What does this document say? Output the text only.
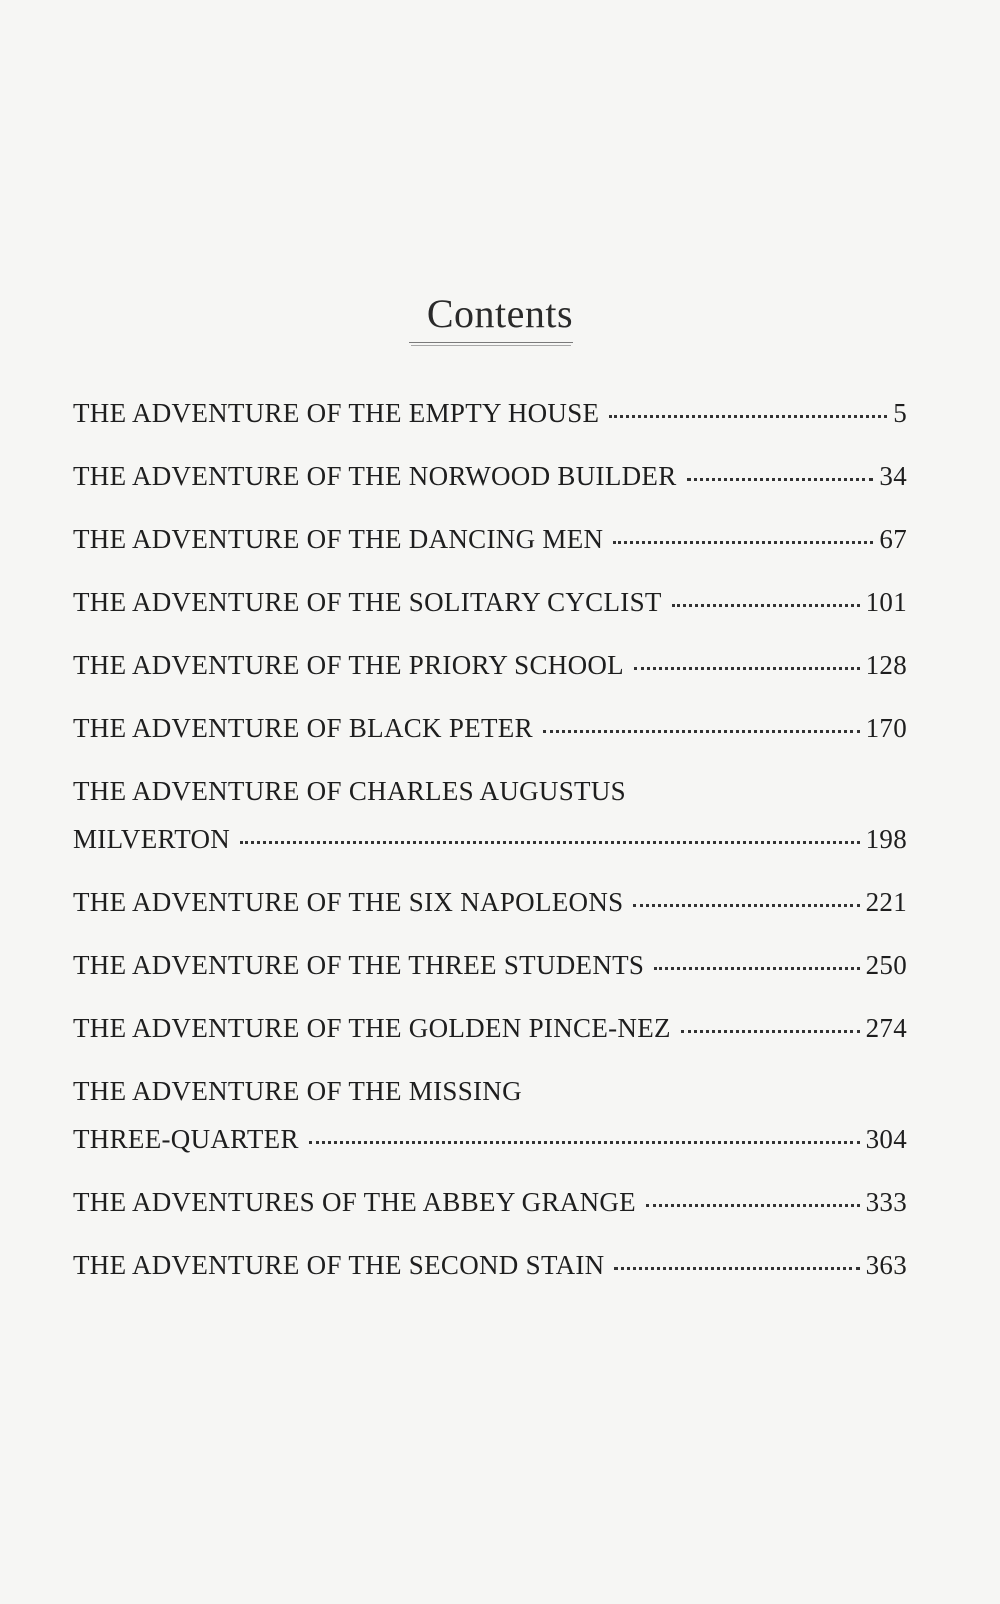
Contents
THE ADVENTURE OF THE EMPTY HOUSE	5
THE ADVENTURE OF THE NORWOOD BUILDER	34
THE ADVENTURE OF THE DANCING MEN	67
THE ADVENTURE OF THE SOLITARY CYCLIST	101
THE ADVENTURE OF THE PRIORY SCHOOL	128
THE ADVENTURE OF BLACK PETER	170
THE ADVENTURE OF CHARLES AUGUSTUS
MILVERTON	198
THE ADVENTURE OF THE SIX NAPOLEONS	221
THE ADVENTURE OF THE THREE STUDENTS	250
THE ADVENTURE OF THE GOLDEN PINCE-NEZ	274
THE ADVENTURE OF THE MISSING
THREE-QUARTER	304
THE ADVENTURES OF THE ABBEY GRANGE	333
THE ADVENTURE OF THE SECOND STAIN	363
